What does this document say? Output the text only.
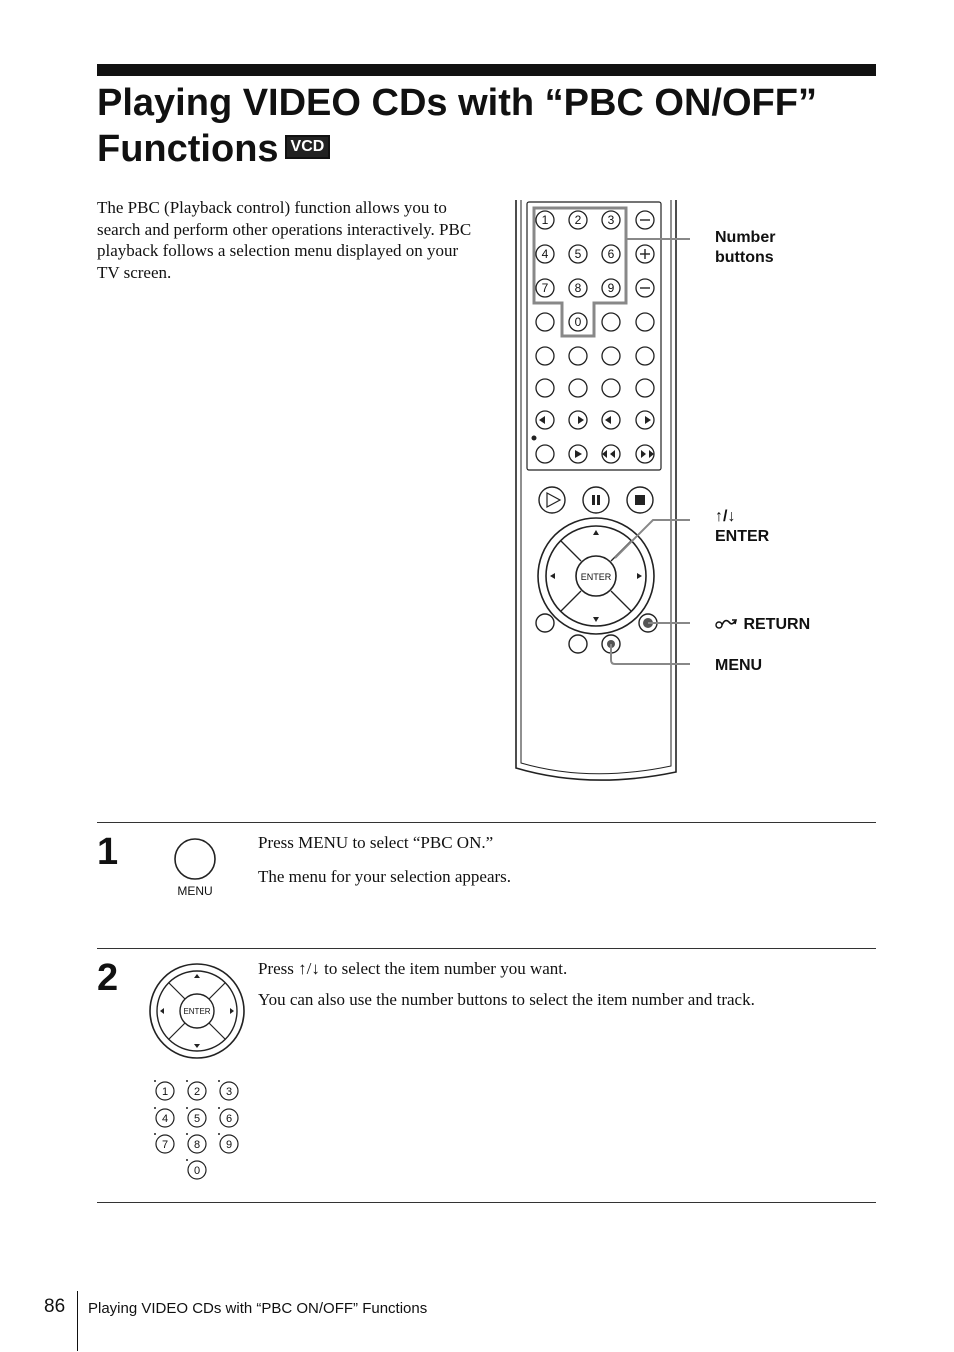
Playing VIDEO CDs with “PBC ON/OFF”
Functions VCD
The PBC (Playback control) function allows you to search and perform other operations interactively. PBC playback follows a selection menu displayed on your TV screen.
1 2 3
4 5 6
7 8 9
0
ENTER
Number
buttons
↑/↓
ENTER
RETURN
MENU
1
MENU

Press MENU to select “PBC ON.”

The menu for your selection appears.

2
ENTER
1 2 3
4 5 6
7 8 9
0

Press ↑/↓ to select the item number you want.

You can also use the number buttons to select the item number and track.

86 Playing VIDEO CDs with “PBC ON/OFF” Functions
